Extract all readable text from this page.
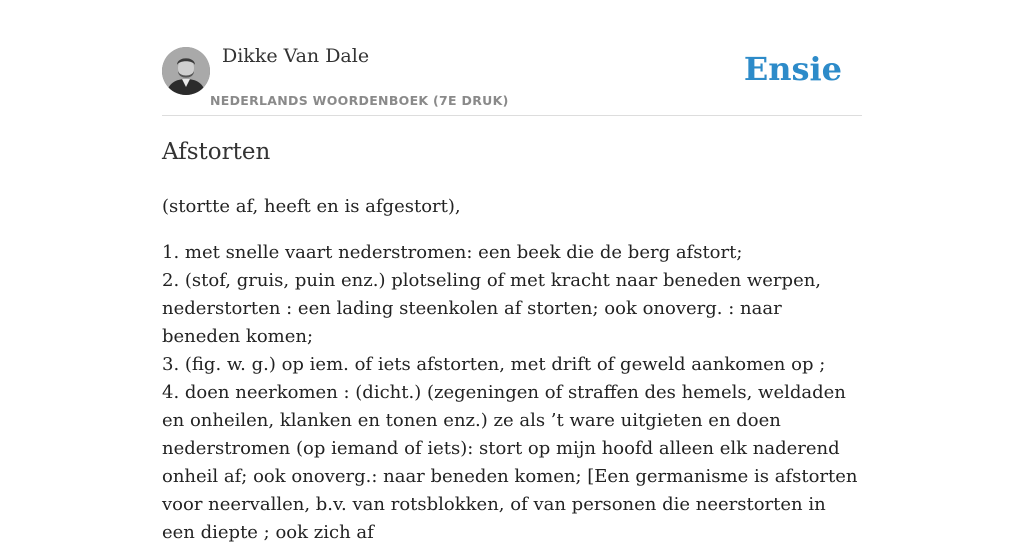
Dikke Van Dale
NEDERLANDS WOORDENBOEK (7E DRUK)
Ensie
Afstorten
(stortte af, heeft en is afgestort),

1. met snelle vaart nederstromen: een beek die de berg afstort;

2. (stof, gruis, puin enz.) plotseling of met kracht naar beneden werpen, nederstorten : een lading steenkolen af storten; ook onoverg. : naar beneden komen;

3. (fig. w. g.) op iem. of iets afstorten, met drift of geweld aankomen op ;

4. doen neerkomen : (dicht.) (zegeningen of straffen des hemels, weldaden en onheilen, klanken en tonen enz.) ze als ’t ware uitgieten en doen nederstromen (op iemand of iets): stort op mijn hoofd alleen elk naderend onheil af; ook onoverg.: naar beneden komen; [Een germanisme is afstorten voor neervallen, b.v. van rotsblokken, of van personen die neerstorten in een diepte ; ook zich af
